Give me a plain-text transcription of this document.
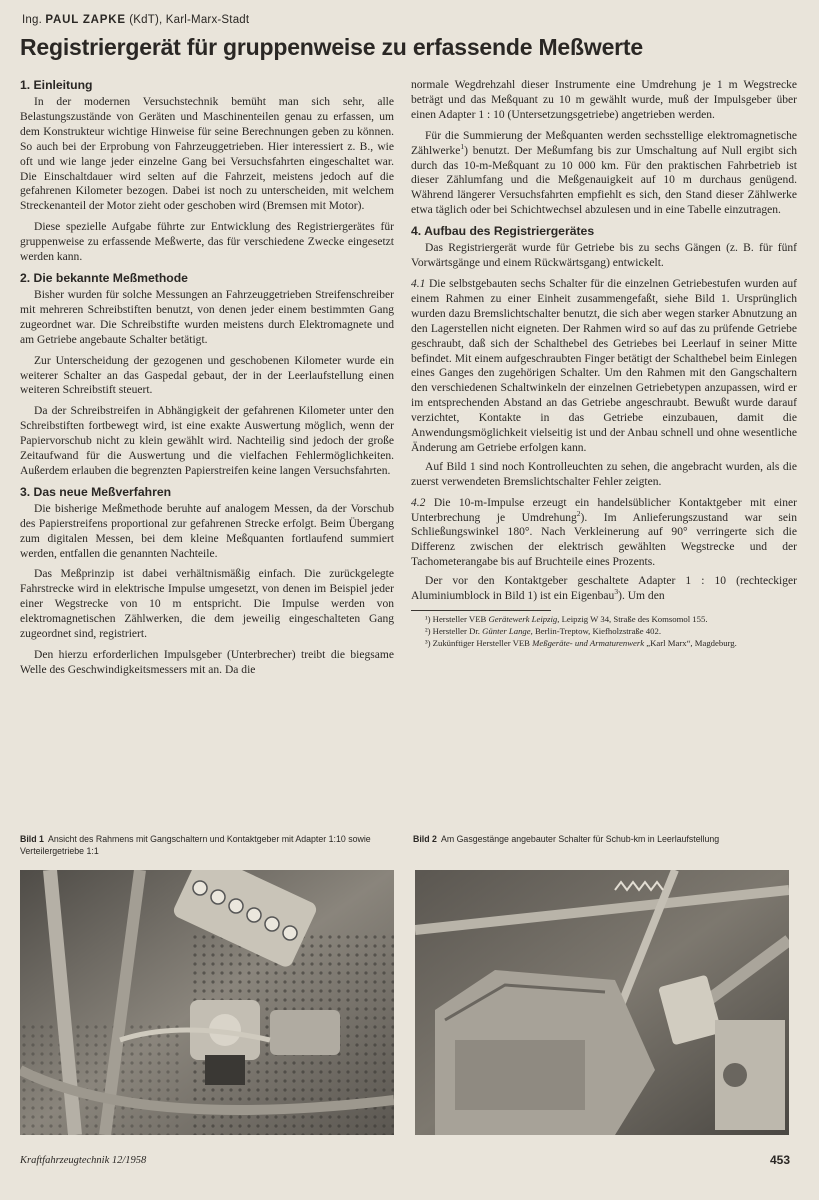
Ing. PAUL ZAPKE (KdT), Karl-Marx-Stadt
Registriergerät für gruppenweise zu erfassende Meßwerte
1. Einleitung

In der modernen Versuchstechnik bemüht man sich sehr, alle Belastungszustände von Geräten und Maschinenteilen genau zu erfassen, um dem Konstrukteur wichtige Hinweise für seine Berechnungen geben zu können. So auch bei der Erprobung von Fahrzeuggetrieben. Hier interessiert z. B., wie oft und wie lange jeder einzelne Gang bei Versuchsfahrten eingeschaltet war. Die Einschaltdauer wird selten auf die Fahrzeit, meistens jedoch auf die gefahrenen Kilometer bezogen. Dabei ist noch zu unterscheiden, mit welchem Streckenanteil der Motor zieht oder geschoben wird (Bremsen mit Motor).

Diese spezielle Aufgabe führte zur Entwicklung des Registriergerätes für gruppenweise zu erfassende Meßwerte, das für verschiedene Zwecke eingesetzt werden kann.

2. Die bekannte Meßmethode

Bisher wurden für solche Messungen an Fahrzeuggetrieben Streifenschreiber mit mehreren Schreibstiften benutzt, von denen jeder einem bestimmten Gang zugeordnet war. Die Schreibstifte wurden meistens durch Elektromagnete und am Getriebe angebaute Schalter betätigt.

Zur Unterscheidung der gezogenen und geschobenen Kilometer wurde ein weiterer Schalter an das Gaspedal gebaut, der in der Leerlaufstellung einen weiteren Schreibstift steuert.

Da der Schreibstreifen in Abhängigkeit der gefahrenen Kilometer unter den Schreibstiften fortbewegt wird, ist eine exakte Auswertung möglich, wenn der Papiervorschub nicht zu klein gewählt wird. Nachteilig sind jedoch der große Zeitaufwand für die Auswertung und die vielfachen Fehlermöglichkeiten. Außerdem erlauben die begrenzten Papierstreifen keine langen Versuchsfahrten.

3. Das neue Meßverfahren

Die bisherige Meßmethode beruhte auf analogem Messen, da der Vorschub des Papierstreifens proportional zur gefahrenen Strecke erfolgt. Beim Übergang zum digitalen Messen, bei dem kleine Meßquanten fortlaufend summiert werden, entfallen die genannten Nachteile.

Das Meßprinzip ist dabei verhältnismäßig einfach. Die zurückgelegte Fahrstrecke wird in elektrische Impulse umgesetzt, von denen im Beispiel jeder einer Wegstrecke von 10 m entspricht. Die Impulse werden von elektromagnetischen Zählwerken, die dem jeweilig eingeschalteten Gang zugeordnet sind, registriert.

Den hierzu erforderlichen Impulsgeber (Unterbrecher) treibt die biegsame Welle des Geschwindigkeitsmessers mit an. Da die

normale Wegdrehzahl dieser Instrumente eine Umdrehung je 1 m Wegstrecke beträgt und das Meßquant zu 10 m gewählt wurde, muß der Impulsgeber über einen Adapter 1 : 10 (Untersetzungsgetriebe) angetrieben werden.

Für die Summierung der Meßquanten werden sechsstellige elektromagnetische Zählwerke$^1$) benutzt. Der Meßumfang bis zur Umschaltung auf Null ergibt sich durch das 10-m-Meßquant zu 10 000 km. Für den praktischen Fahrbetrieb ist dieser Zählumfang und die Meßgenauigkeit auf 10 m durchaus genügend. Während längerer Versuchsfahrten empfiehlt es sich, den Stand dieser Zählwerke etwa täglich oder bei Schichtwechsel abzulesen und in eine Tabelle einzutragen.

4. Aufbau des Registriergerätes

Das Registriergerät wurde für Getriebe bis zu sechs Gängen (z. B. für fünf Vorwärtsgänge und einem Rückwärtsgang) entwickelt.

4.1 Die selbstgebauten sechs Schalter für die einzelnen Getriebestufen wurden auf einem Rahmen zu einer Einheit zusammengefaßt, siehe Bild 1. Ursprünglich wurden dazu Bremslichtschalter benutzt, die sich aber wegen starker Abnutzung an den Lagerstellen nicht eigneten. Der Rahmen wird so auf das zu prüfende Getriebe geschraubt, daß sich der Schalthebel des Getriebes bei Leerlauf in seiner Mitte befindet. Mit einem aufgeschraubten Finger betätigt der Schalthebel beim Einlegen eines Ganges den zugehörigen Schalter. Um den Rahmen mit den Gangschaltern den verschiedenen Schaltwinkeln der einzelnen Getriebetypen anzupassen, wird er im entsprechenden Abstand an das Getriebe angeschraubt. Bewußt wurde darauf verzichtet, Kontakte in das Getriebe einzubauen, damit die Anwendungsmöglichkeit vielseitig ist und der Anbau schnell und ohne wesentliche Änderung am Getriebe erfolgen kann.

Auf Bild 1 sind noch Kontrolleuchten zu sehen, die angebracht wurden, als die zuerst verwendeten Bremslichtschalter Fehler zeigten.

4.2 Die 10-m-Impulse erzeugt ein handelsüblicher Kontaktgeber mit einer Unterbrechung je Umdrehung$^2$). Im Anlieferungszustand war sein Schließungswinkel 180°. Nach Verkleinerung auf 90° verringerte sich die Differenz zwischen der elektrisch gewählten Wegstrecke und der Tachometerangabe bis auf Bruchteile eines Prozents.

Der vor den Kontaktgeber geschaltete Adapter 1 : 10 (rechteckiger Aluminiumblock in Bild 1) ist ein Eigenbau$^3$). Um den

¹) Hersteller VEB Gerätewerk Leipzig, Leipzig W 34, Straße des Komsomol 155.

²) Hersteller Dr. Günter Lange, Berlin-Treptow, Kiefholzstraße 402.

³) Zukünftiger Hersteller VEB Meßgeräte- und Armaturenwerk „Karl Marx“, Magdeburg.

Bild 1 Ansicht des Rahmens mit Gangschaltern und Kontaktgeber mit Adapter 1:10 sowie Verteilergetriebe 1:1
Bild 2 Am Gasgestänge angebauter Schalter für Schub-km in Leerlaufstellung
Kraftfahrzeugtechnik 12/1958	453
